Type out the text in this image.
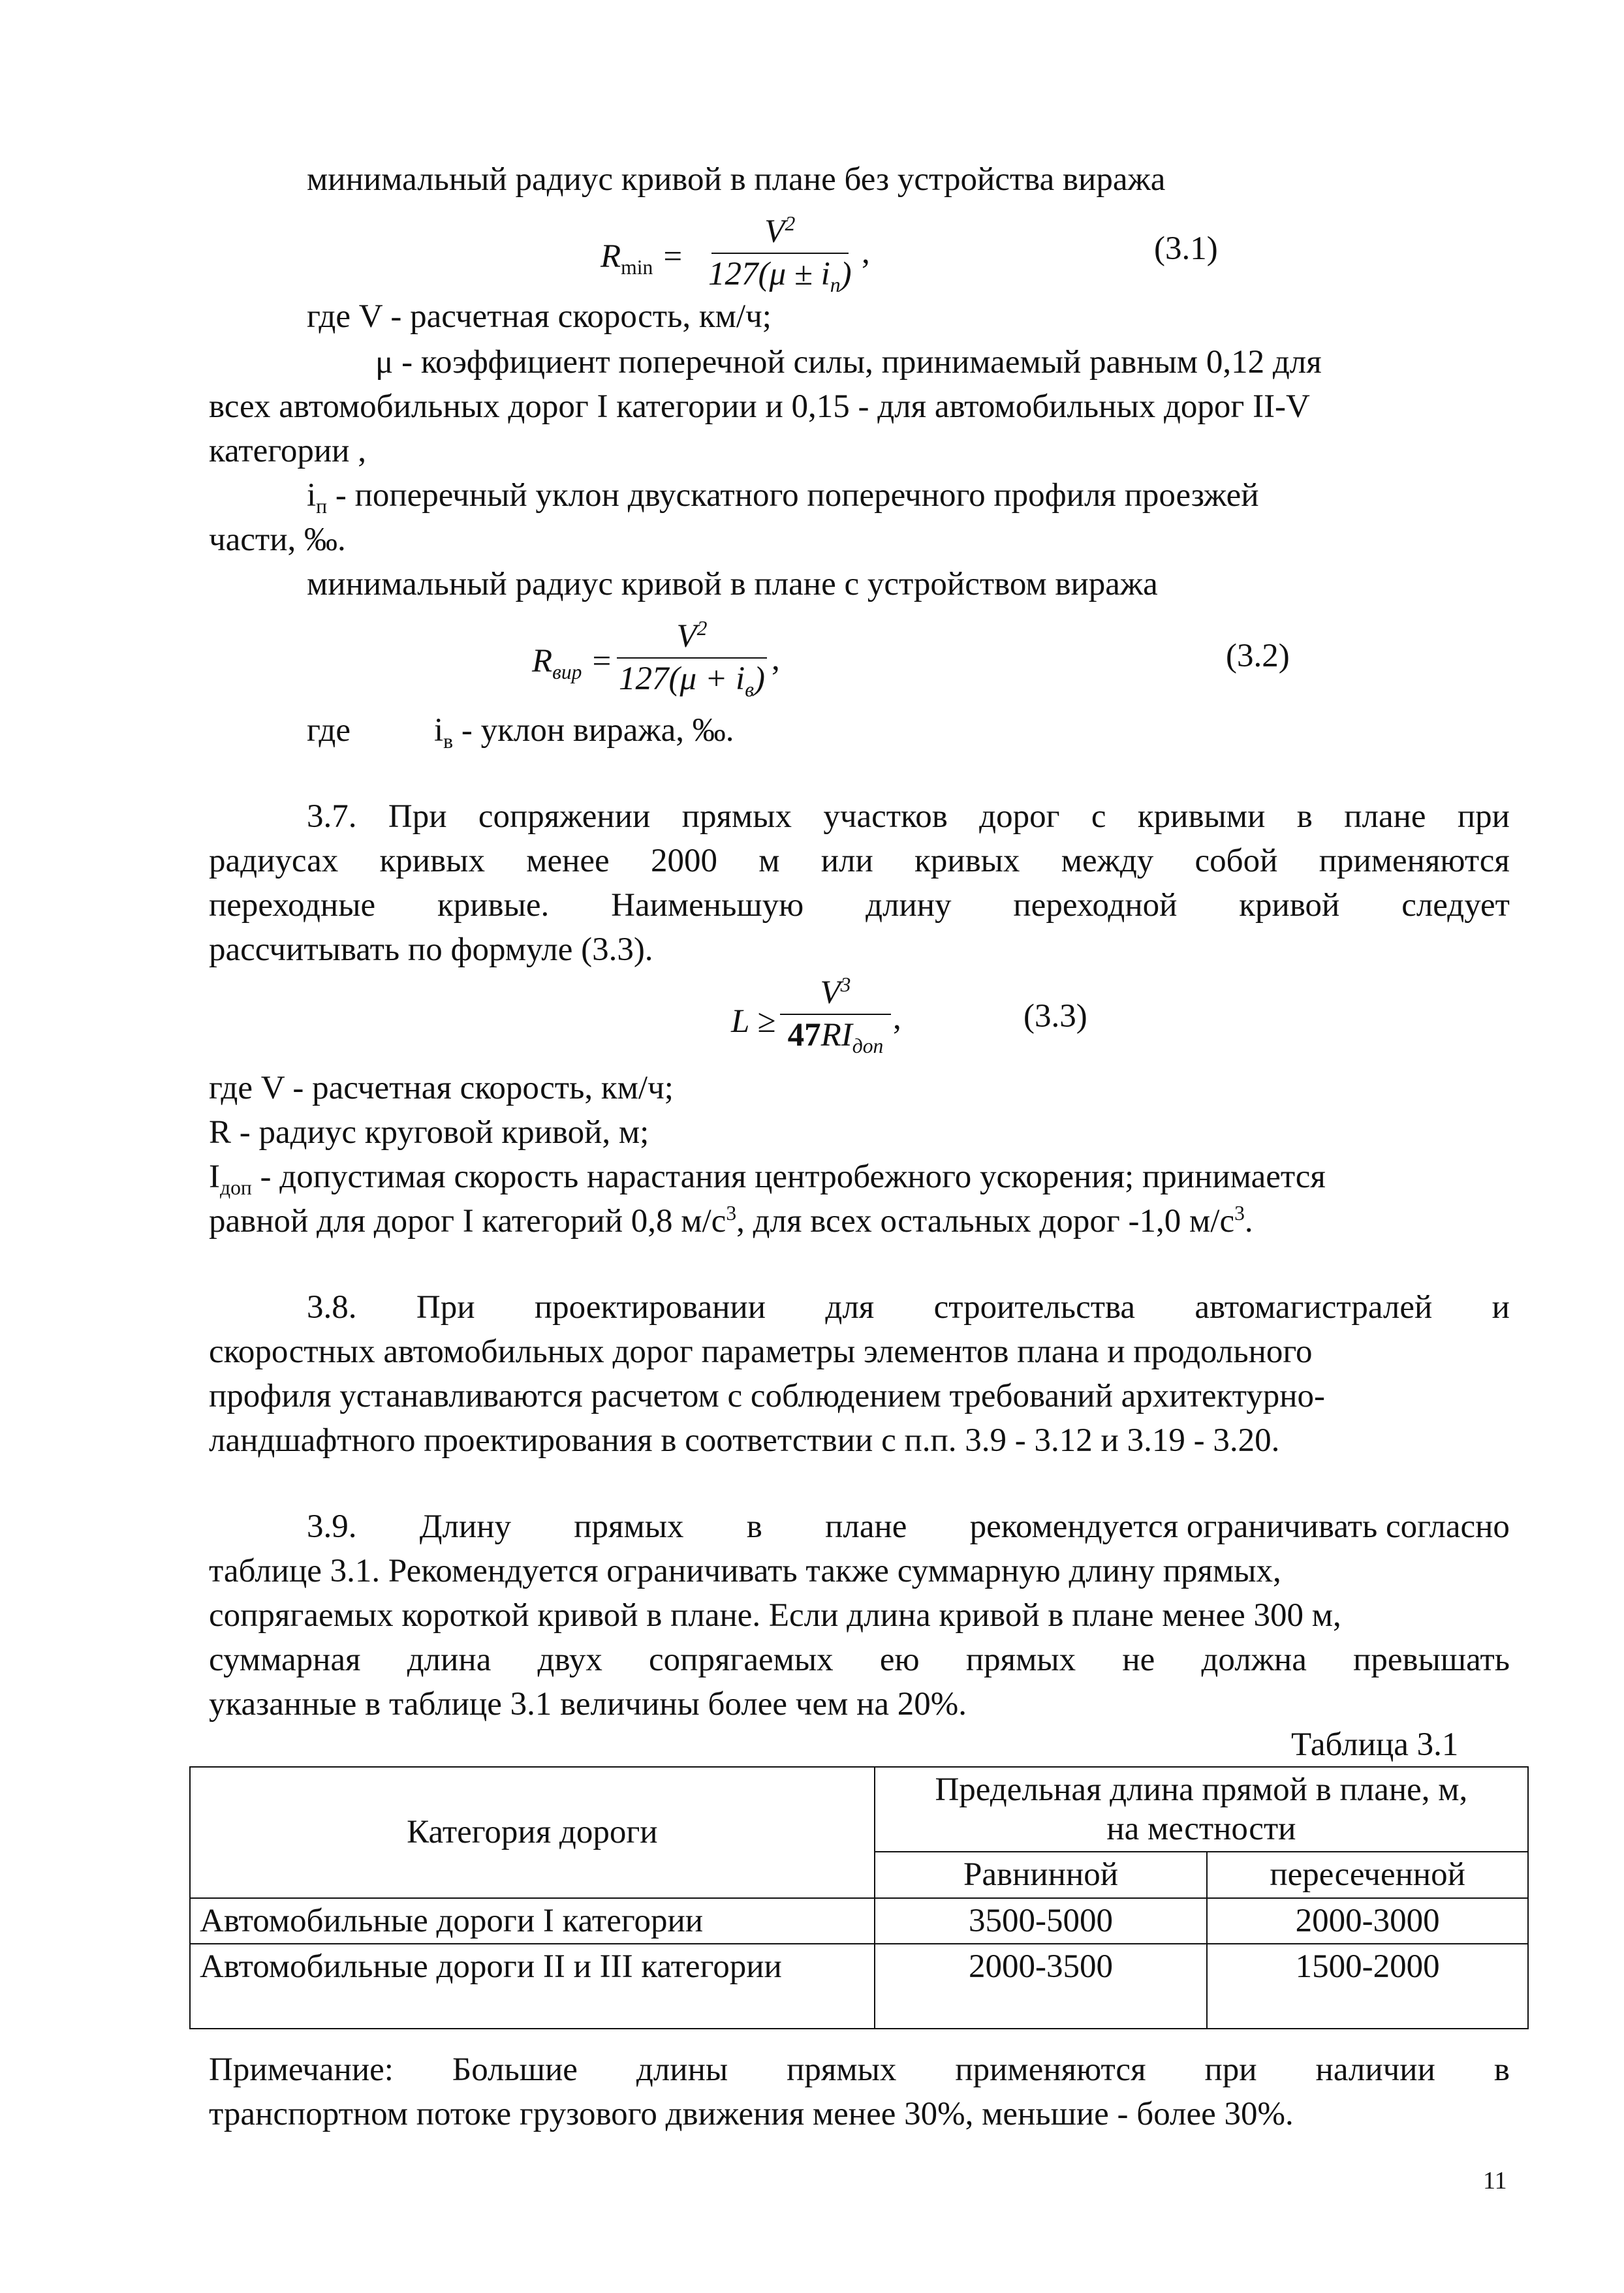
минимальный радиус кривой в плане без устройства виража
$R_{min}$ =
$V^2$
$127(\mu \pm i_n)$
,	(3.1)
где V - расчетная скорость, км/ч;
μ - коэффициент поперечной силы, принимаемый равным 0,12 для
всех автомобильных дорог I категории и 0,15 - для автомобильных дорог II-V
категории ,
$i_п$ - поперечный уклон двускатного поперечного профиля проезжей
части, ‰.
минимальный радиус кривой в плане с устройством виража
$R_{вир}$ =
$V^2$
$127(\mu + i_в)$
,	(3.2)
где	$i_в$ - уклон виража, ‰.
3.7. При сопряжении прямых участков дорог с кривыми в плане при
радиусах кривых менее 2000 м или кривых между собой применяются
переходные кривые. Наименьшую длину переходной кривой следует
рассчитывать по формуле (3.3).
L ≥
$V^3$
$47RI_{доп}$
,	(3.3)
где V - расчетная скорость, км/ч;
R - радиус круговой кривой, м;
$I_{доп}$ - допустимая скорость нарастания центробежного ускорения; принимается
равной для дорог I категорий 0,8 $м/с^3$, для всех остальных дорог -1,0 $м/с^3$.
3.8. При проектировании для строительства автомагистралей и
скоростных автомобильных дорог параметры элементов плана и продольного
профиля устанавливаются расчетом с соблюдением требований архитектурно-
ландшафтного проектирования в соответствии с п.п. 3.9 - 3.12 и 3.19 - 3.20.
3.9. Длину прямых в плане рекомендуется ограничивать согласно
таблице 3.1. Рекомендуется ограничивать также суммарную длину прямых,
сопрягаемых короткой кривой в плане. Если длина кривой в плане менее 300 м,
суммарная длина двух сопрягаемых ею прямых не должна превышать
указанные в таблице 3.1 величины более чем на 20%.
Таблица 3.1
Категория дороги	Предельная длина прямой в плане, м,
на местности	

	Равнинной	пересеченной
Автомобильные дороги I категории	3500-5000	2000-3000
Автомобильные дороги II и III категории	2000-3500	1500-2000
Примечание: Большие длины прямых применяются при наличии в
транспортном потоке грузового движения менее 30%, меньшие - более 30%.
11
